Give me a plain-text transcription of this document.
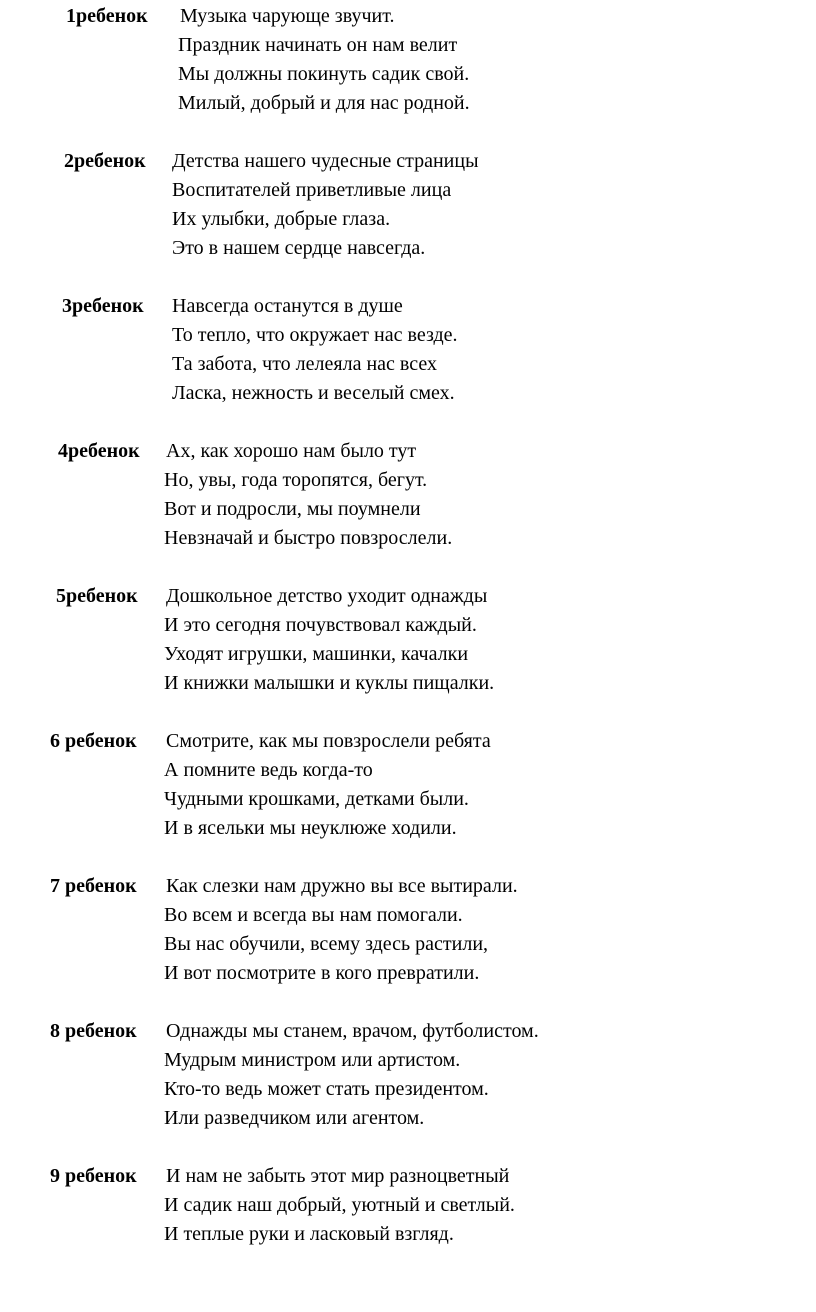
1ребенок Музыка чарующе звучит.
Праздник начинать он нам велит
Мы должны покинуть садик свой.
Милый, добрый и для нас родной.
2ребенок Детства нашего чудесные страницы
Воспитателей приветливые лица
Их улыбки, добрые глаза.
Это в нашем сердце навсегда.
3ребенок Навсегда останутся в душе
То тепло, что окружает нас везде.
Та забота, что лелеяла нас всех
Ласка, нежность и веселый смех.
4ребенок Ах, как хорошо нам было тут
Но, увы, года торопятся, бегут.
Вот и подросли, мы поумнели
Невзначай и быстро повзрослели.
5ребенок Дошкольное детство уходит однажды
И это сегодня почувствовал каждый.
Уходят игрушки, машинки, качалки
И книжки малышки и куклы пищалки.
6 ребенок Смотрите, как мы повзрослели ребята
А помните ведь когда-то
Чудными крошками, детками были.
И в ясельки мы неуклюже ходили.
7 ребенок Как слезки нам дружно вы все вытирали.
Во всем и всегда вы нам помогали.
Вы нас обучили, всему здесь растили,
И вот посмотрите в кого превратили.
8 ребенок Однажды мы станем, врачом, футболистом.
Мудрым министром или артистом.
Кто-то ведь может стать президентом.
Или разведчиком или агентом.
9 ребенок И нам не забыть этот мир разноцветный
И садик наш добрый, уютный и светлый.
И теплые руки и ласковый взгляд.
